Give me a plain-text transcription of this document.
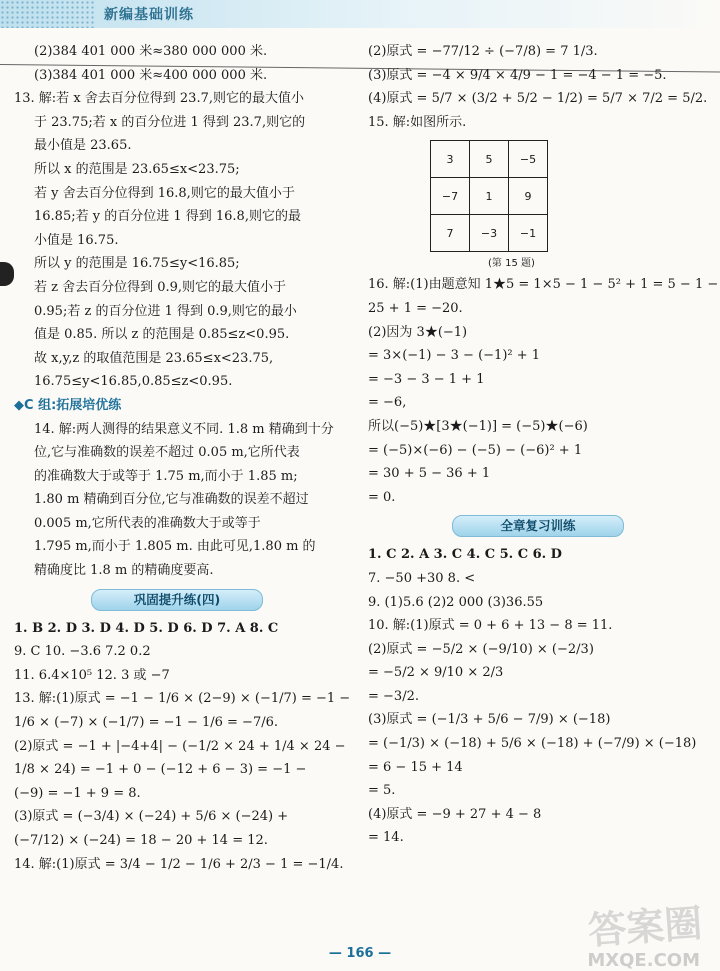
新编基础训练

(2)384 401 000 米≈380 000 000 米.

(3)384 401 000 米≈400 000 000 米.

13. 解:若 x 舍去百分位得到 23.7,则它的最大值小

于 23.75;若 x 的百分位进 1 得到 23.7,则它的

最小值是 23.65.

所以 x 的范围是 23.65≤x<23.75;

若 y 舍去百分位得到 16.8,则它的最大值小于

16.85;若 y 的百分位进 1 得到 16.8,则它的最

小值是 16.75.

所以 y 的范围是 16.75≤y<16.85;

若 z 舍去百分位得到 0.9,则它的最大值小于

0.95;若 z 的百分位进 1 得到 0.9,则它的最小

值是 0.85. 所以 z 的范围是 0.85≤z<0.95.

故 x,y,z 的取值范围是 23.65≤x<23.75,

16.75≤y<16.85,0.85≤z<0.95.

◆C 组:拓展培优练

14. 解:两人测得的结果意义不同. 1.8 m 精确到十分

位,它与准确数的误差不超过 0.05 m,它所代表

的准确数大于或等于 1.75 m,而小于 1.85 m;

1.80 m 精确到百分位,它与准确数的误差不超过

0.005 m,它所代表的准确数大于或等于

1.795 m,而小于 1.805 m. 由此可见,1.80 m 的

精确度比 1.8 m 的精确度要高.

巩固提升练(四)

1. B 2. D 3. D 4. D 5. D 6. D 7. A 8. C

9. C 10. −3.6 7.2 0.2

11. 6.4×10⁵ 12. 3 或 −7

13. 解:(1)原式 = −1 − 1/6 × (2−9) × (−1/7) = −1 −

1/6 × (−7) × (−1/7) = −1 − 1/6 = −7/6.

(2)原式 = −1 + |−4+4| − (−1/2 × 24 + 1/4 × 24 −

1/8 × 24) = −1 + 0 − (−12 + 6 − 3) = −1 −

(−9) = −1 + 9 = 8.

(3)原式 = (−3/4) × (−24) + 5/6 × (−24) +

(−7/12) × (−24) = 18 − 20 + 14 = 12.

14. 解:(1)原式 = 3/4 − 1/2 − 1/6 + 2/3 − 1 = −1/4.

(2)原式 = −77/12 ÷ (−7/8) = 7 1/3.

(3)原式 = −4 × 9/4 × 4/9 − 1 = −4 − 1 = −5.

(4)原式 = 5/7 × (3/2 + 5/2 − 1/2) = 5/7 × 7/2 = 5/2.

15. 解:如图所示.

3	5	−5
−7	1	9
7	−3	−1
(第 15 题)

16. 解:(1)由题意知 1★5 = 1×5 − 1 − 5² + 1 = 5 − 1 −

25 + 1 = −20.

(2)因为 3★(−1)

= 3×(−1) − 3 − (−1)² + 1

= −3 − 3 − 1 + 1

= −6,

所以(−5)★[3★(−1)] = (−5)★(−6)

= (−5)×(−6) − (−5) − (−6)² + 1

= 30 + 5 − 36 + 1

= 0.

全章复习训练

1. C 2. A 3. C 4. C 5. C 6. D

7. −50 +30 8. <

9. (1)5.6 (2)2 000 (3)36.55

10. 解:(1)原式 = 0 + 6 + 13 − 8 = 11.

(2)原式 = −5/2 × (−9/10) × (−2/3)

= −5/2 × 9/10 × 2/3

= −3/2.

(3)原式 = (−1/3 + 5/6 − 7/9) × (−18)

= (−1/3) × (−18) + 5/6 × (−18) + (−7/9) × (−18)

= 6 − 15 + 14

= 5.

(4)原式 = −9 + 27 + 4 − 8

= 14.

— 166 —
答案圈
MXQE.COM
